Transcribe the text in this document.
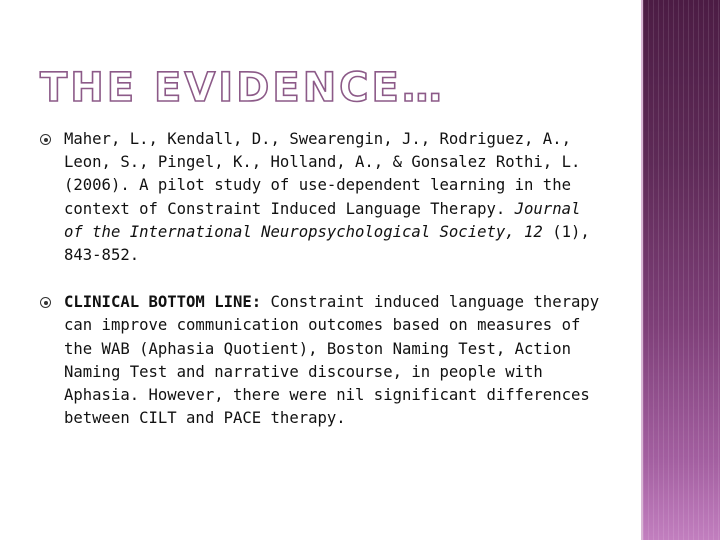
THE EVIDENCE…
Maher, L., Kendall, D., Swearengin, J., Rodriguez, A., Leon, S., Pingel, K., Holland, A., & Gonsalez Rothi, L. (2006). A pilot study of use-dependent learning in the context of Constraint Induced Language Therapy. Journal of the International Neuropsychological Society, 12 (1), 843-852.
CLINICAL BOTTOM LINE: Constraint induced language therapy can improve communication outcomes based on measures of the WAB (Aphasia Quotient), Boston Naming Test, Action Naming Test and narrative discourse, in people with Aphasia. However, there were nil significant differences between CILT and PACE therapy.
